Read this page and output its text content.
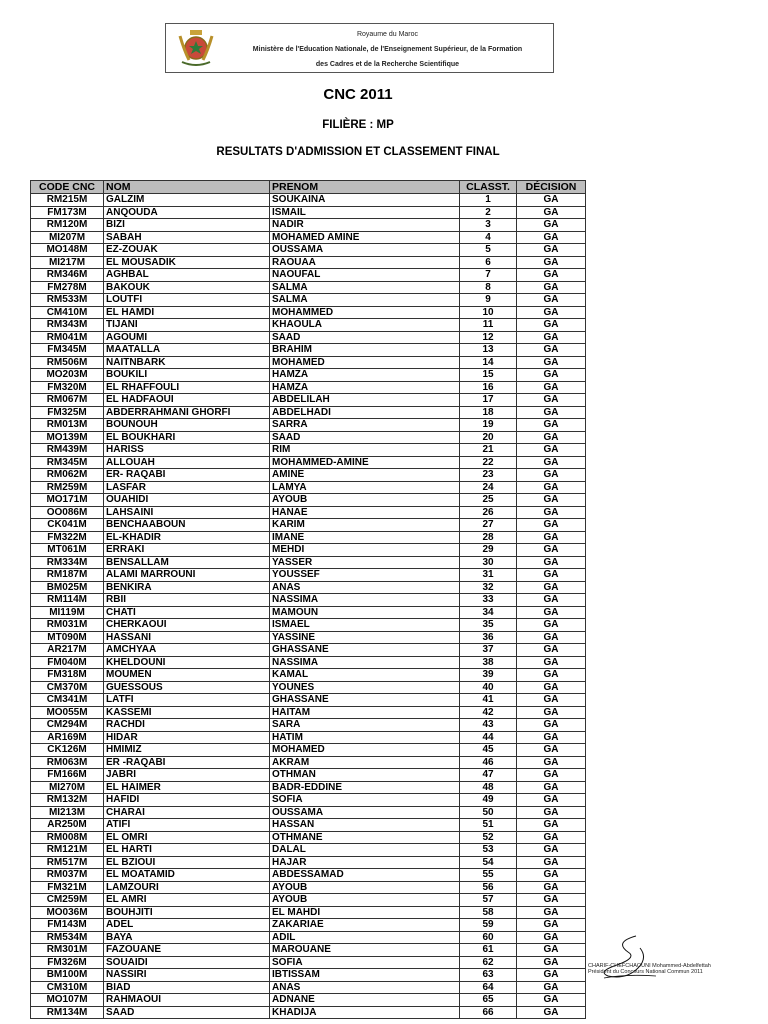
Royaume du Maroc
Ministère de l'Education Nationale, de l'Enseignement Supérieur, de la Formation
des Cadres et de la Recherche Scientifique
CNC 2011
FILIÈRE : MP
RESULTATS D'ADMISSION ET CLASSEMENT FINAL
CODE CNC	NOM	PRENOM	CLASST.	DÉCISION
RM215M	GALZIM	SOUKAINA	1	GA
FM173M	ANQOUDA	ISMAIL	2	GA
RM120M	BIZI	NADIR	3	GA
MI207M	SABAH	MOHAMED AMINE	4	GA
MO148M	EZ-ZOUAK	OUSSAMA	5	GA
MI217M	EL MOUSADIK	RAOUAA	6	GA
RM346M	AGHBAL	NAOUFAL	7	GA
FM278M	BAKOUK	SALMA	8	GA
RM533M	LOUTFI	SALMA	9	GA
CM410M	EL HAMDI	MOHAMMED	10	GA
RM343M	TIJANI	KHAOULA	11	GA
RM041M	AGOUMI	SAAD	12	GA
FM345M	MAATALLA	BRAHIM	13	GA
RM506M	NAITNBARK	MOHAMED	14	GA
MO203M	BOUKILI	HAMZA	15	GA
FM320M	EL RHAFFOULI	HAMZA	16	GA
RM067M	EL HADFAOUI	ABDELILAH	17	GA
FM325M	ABDERRAHMANI GHORFI	ABDELHADI	18	GA
RM013M	BOUNOUH	SARRA	19	GA
MO139M	EL BOUKHARI	SAAD	20	GA
RM439M	HARISS	RIM	21	GA
RM345M	ALLOUAH	MOHAMMED-AMINE	22	GA
RM062M	ER- RAQABI	AMINE	23	GA
RM259M	LASFAR	LAMYA	24	GA
MO171M	OUAHIDI	AYOUB	25	GA
OO086M	LAHSAINI	HANAE	26	GA
CK041M	BENCHAABOUN	KARIM	27	GA
FM322M	EL-KHADIR	IMANE	28	GA
MT061M	ERRAKI	MEHDI	29	GA
RM334M	BENSALLAM	YASSER	30	GA
RM187M	ALAMI MARROUNI	YOUSSEF	31	GA
BM025M	BENKIRA	ANAS	32	GA
RM114M	RBII	NASSIMA	33	GA
MI119M	CHATI	MAMOUN	34	GA
RM031M	CHERKAOUI	ISMAEL	35	GA
MT090M	HASSANI	YASSINE	36	GA
AR217M	AMCHYAA	GHASSANE	37	GA
FM040M	KHELDOUNI	NASSIMA	38	GA
FM318M	MOUMEN	KAMAL	39	GA
CM370M	GUESSOUS	YOUNES	40	GA
CM341M	LATFI	GHASSANE	41	GA
MO055M	KASSEMI	HAITAM	42	GA
CM294M	RACHDI	SARA	43	GA
AR169M	HIDAR	HATIM	44	GA
CK126M	HMIMIZ	MOHAMED	45	GA
RM063M	ER -RAQABI	AKRAM	46	GA
FM166M	JABRI	OTHMAN	47	GA
MI270M	EL HAIMER	BADR-EDDINE	48	GA
RM132M	HAFIDI	SOFIA	49	GA
MI213M	CHARAI	OUSSAMA	50	GA
AR250M	ATIFI	HASSAN	51	GA
RM008M	EL OMRI	OTHMANE	52	GA
RM121M	EL HARTI	DALAL	53	GA
RM517M	EL BZIOUI	HAJAR	54	GA
RM037M	EL MOATAMID	ABDESSAMAD	55	GA
FM321M	LAMZOURI	AYOUB	56	GA
CM259M	EL AMRI	AYOUB	57	GA
MO036M	BOUHJITI	EL MAHDI	58	GA
FM143M	ADEL	ZAKARIAE	59	GA
RM534M	BAYA	ADIL	60	GA
RM301M	FAZOUANE	MAROUANE	61	GA
FM326M	SOUAIDI	SOFIA	62	GA
BM100M	NASSIRI	IBTISSAM	63	GA
CM310M	BIAD	ANAS	64	GA
MO107M	RAHMAOUI	ADNANE	65	GA
RM134M	SAAD	KHADIJA	66	GA
CHARIF-CHEFCHAOUNI Mohammed-Abdelfettah
Président du Concours National Commun 2011
